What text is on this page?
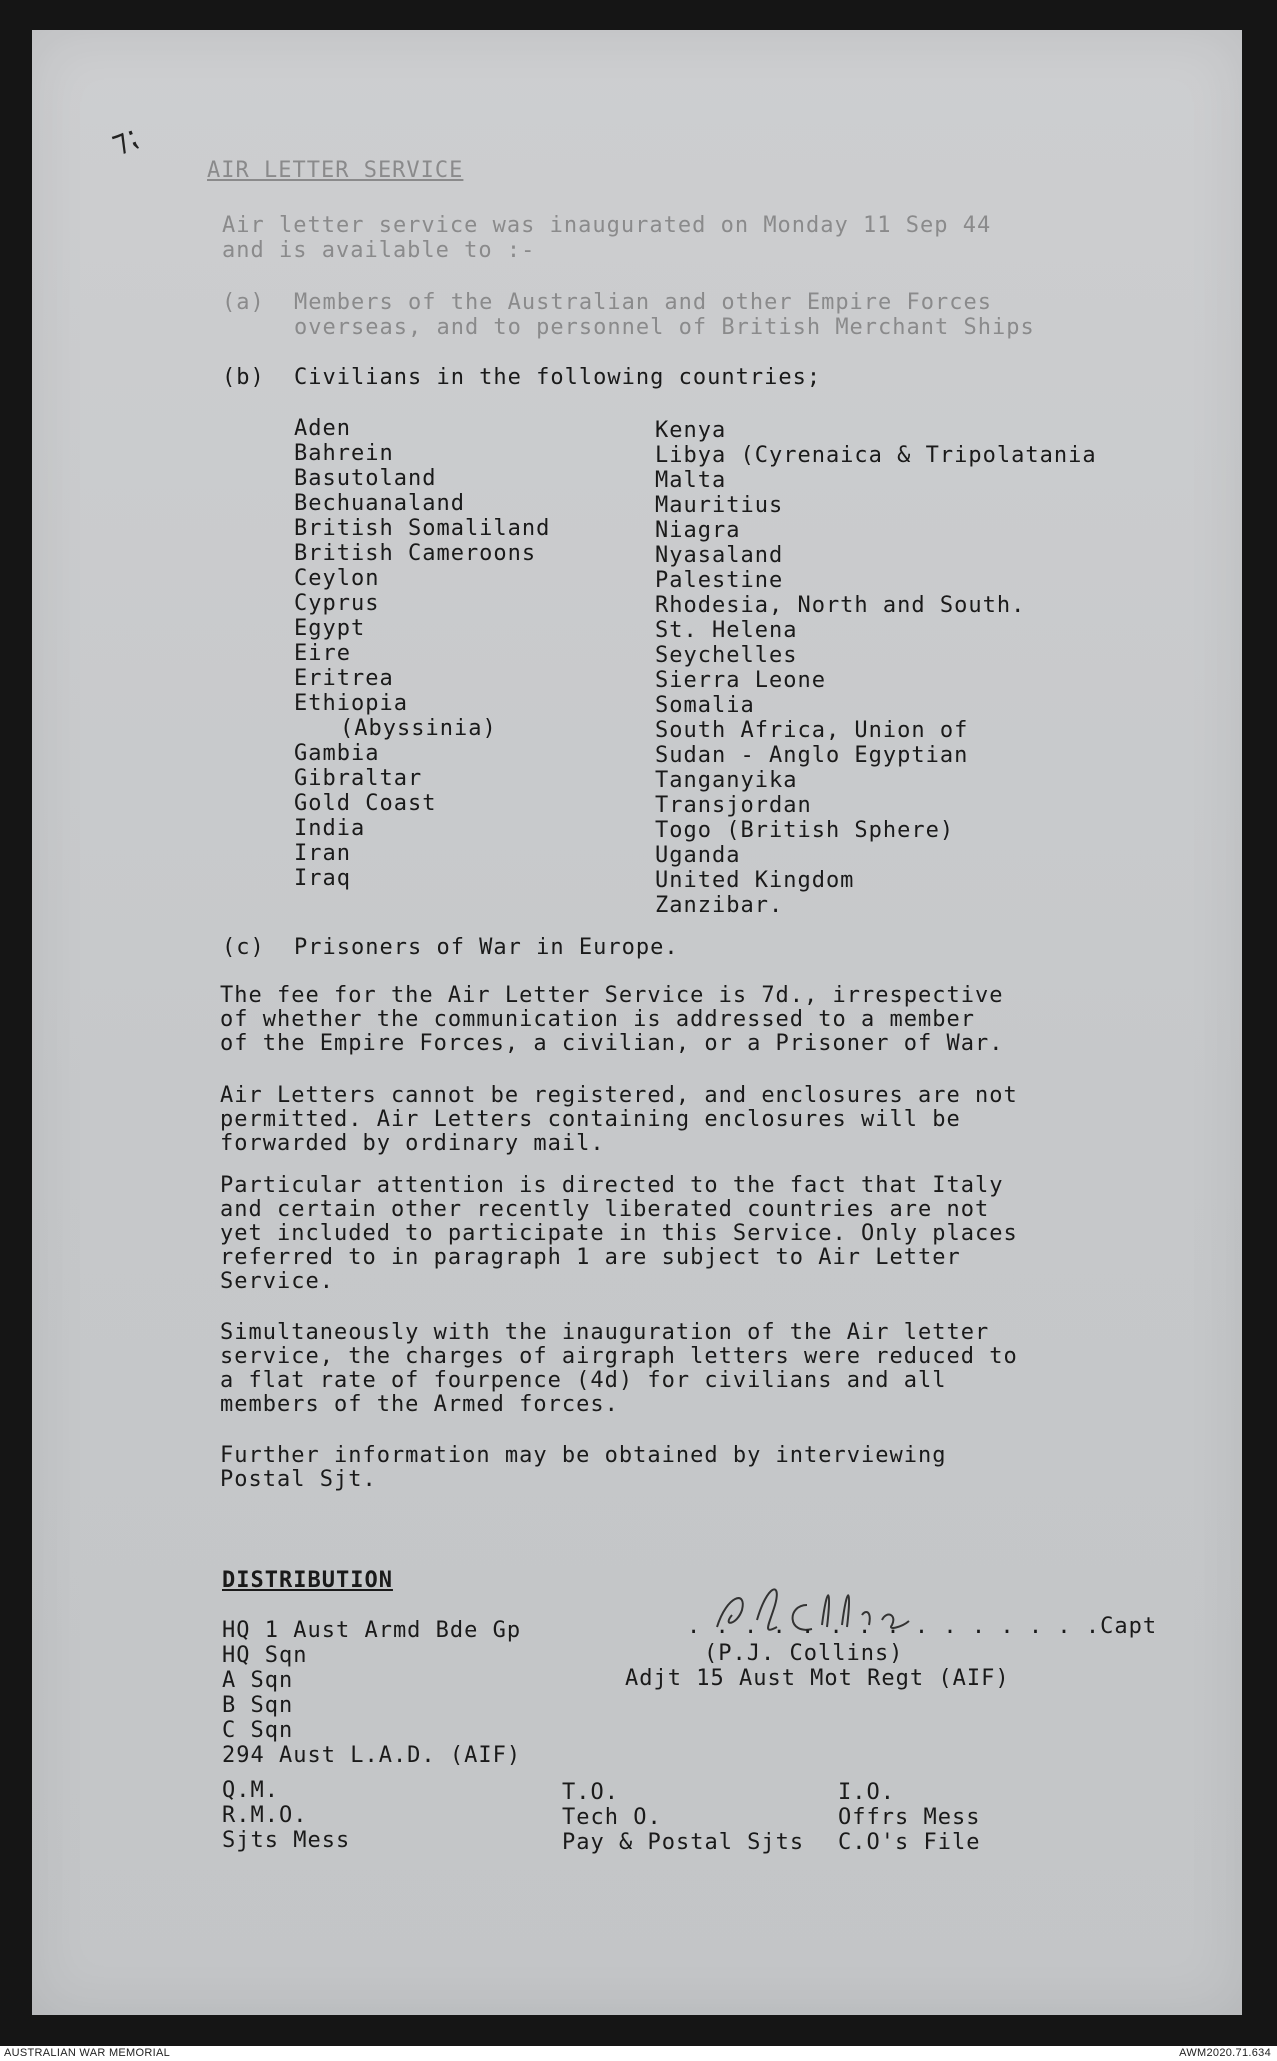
⁊⁏
AIR LETTER SERVICE
Air letter service was inaugurated on Monday 11 Sep 44
and is available to :-
(a) Members of the Australian and other Empire Forces
overseas, and to personnel of British Merchant Ships
(b) Civilians in the following countries;
Aden
Bahrein
Basutoland
Bechuanaland
British Somaliland
British Cameroons
Ceylon
Cyprus
Egypt
Eire
Eritrea
Ethiopia
(Abyssinia)
Gambia
Gibraltar
Gold Coast
India
Iran
Iraq
Kenya
Libya (Cyrenaica & Tripolatania
Malta
Mauritius
Niagra
Nyasaland
Palestine
Rhodesia, North and South.
St. Helena
Seychelles
Sierra Leone
Somalia
South Africa, Union of
Sudan - Anglo Egyptian
Tanganyika
Transjordan
Togo (British Sphere)
Uganda
United Kingdom
Zanzibar.
(c) Prisoners of War in Europe.
The fee for the Air Letter Service is 7d., irrespective
of whether the communication is addressed to a member
of the Empire Forces, a civilian, or a Prisoner of War.
Air Letters cannot be registered, and enclosures are not
permitted. Air Letters containing enclosures will be
forwarded by ordinary mail.
Particular attention is directed to the fact that Italy
and certain other recently liberated countries are not
yet included to participate in this Service. Only places
referred to in paragraph 1 are subject to Air Letter
Service.
Simultaneously with the inauguration of the Air letter
service, the charges of airgraph letters were reduced to
a flat rate of fourpence (4d) for civilians and all
members of the Armed forces.
Further information may be obtained by interviewing
Postal Sjt.
DISTRIBUTION
HQ 1 Aust Armd Bde Gp
HQ Sqn
A Sqn
B Sqn
C Sqn
294 Aust L.A.D. (AIF)
Q.M.
R.M.O.
Sjts Mess
T.O.
Tech O.
Pay & Postal Sjts
I.O.
Offrs Mess
C.O's File
. . . . . . . . . . . . . . .Capt
(P.J. Collins)
Adjt 15 Aust Mot Regt (AIF)
AUSTRALIAN WAR MEMORIAL	AWM2020.71.634
